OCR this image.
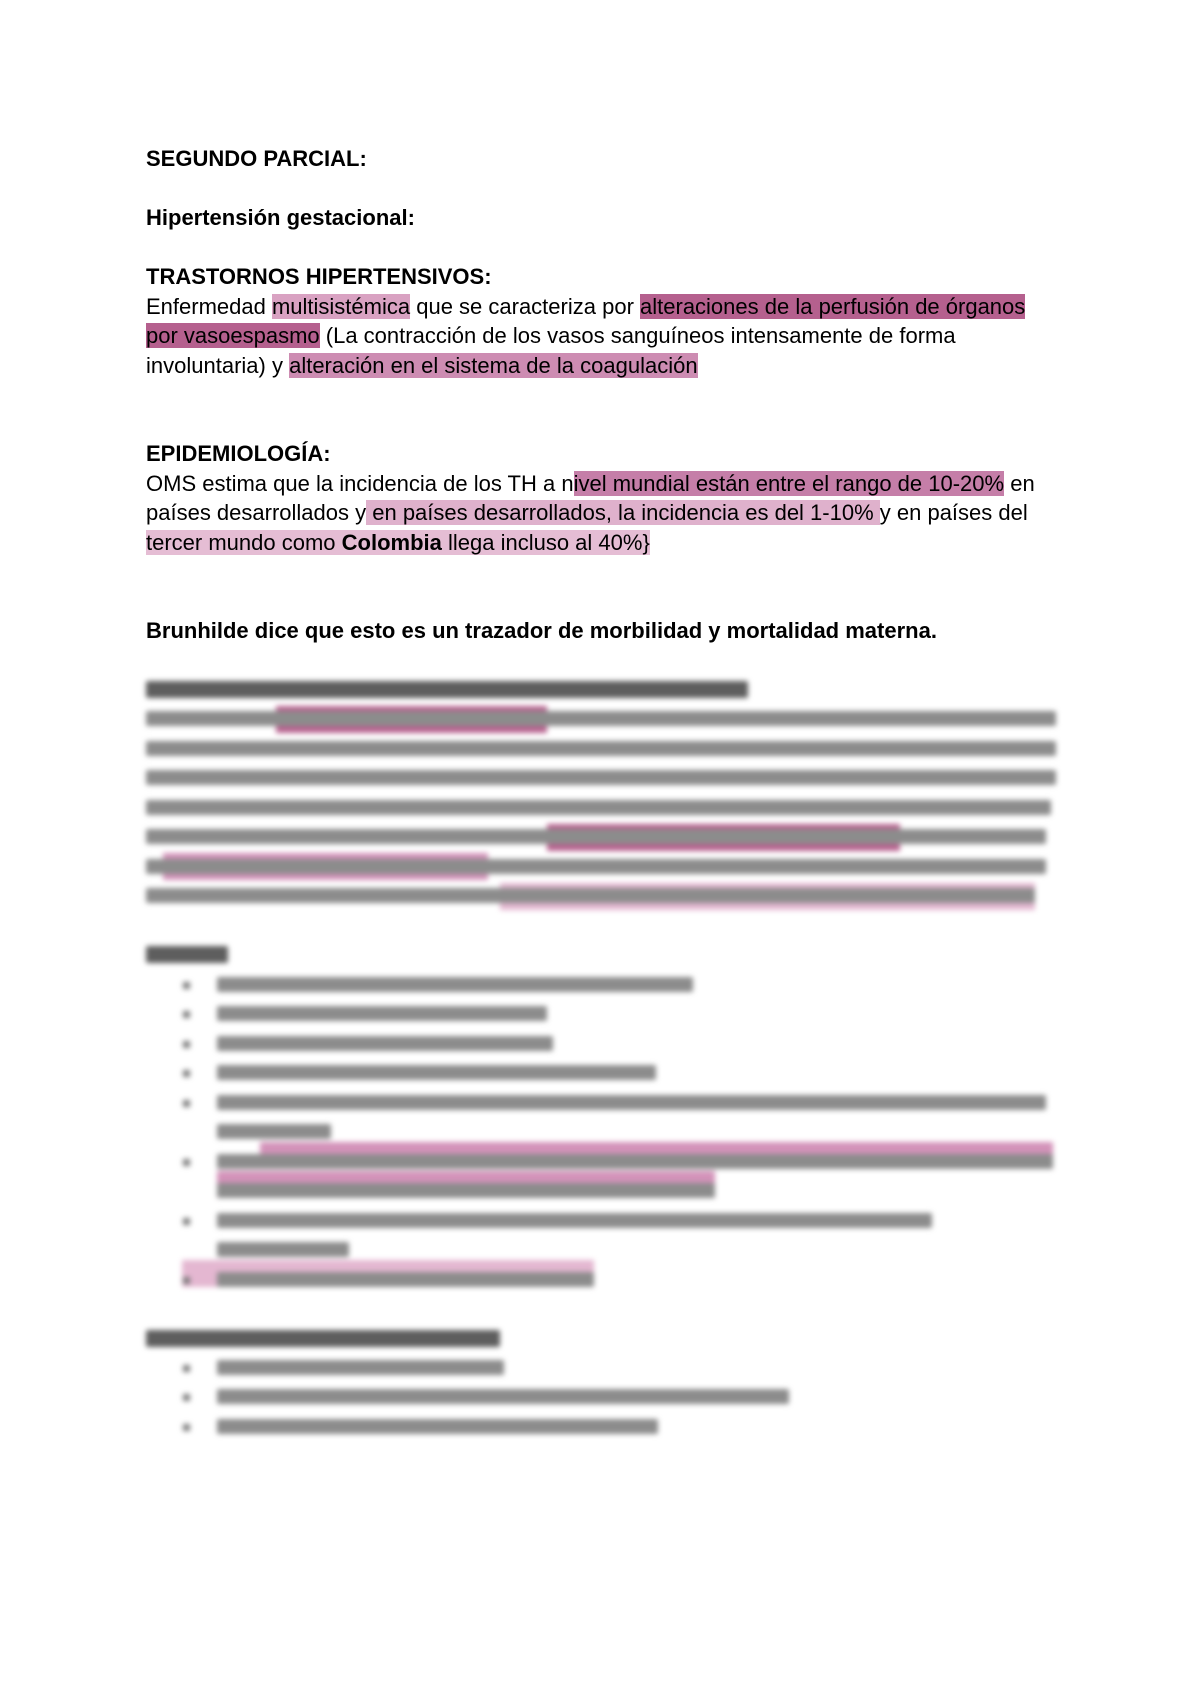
SEGUNDO PARCIAL:

Hipertensión gestacional:

TRASTORNOS HIPERTENSIVOS:

Enfermedad multisistémica que se caracteriza por alteraciones de la perfusión de órganos por vasoespasmo (La contracción de los vasos sanguíneos intensamente de forma involuntaria) y alteración en el sistema de la coagulación

EPIDEMIOLOGÍA:

OMS estima que la incidencia de los TH a nivel mundial están entre el rango de 10-20% en países desarrollados y en países desarrollados, la incidencia es del 1-10% y en países del tercer mundo como Colombia llega incluso al 40%}

Brunhilde dice que esto es un trazador de morbilidad y mortalidad materna.
